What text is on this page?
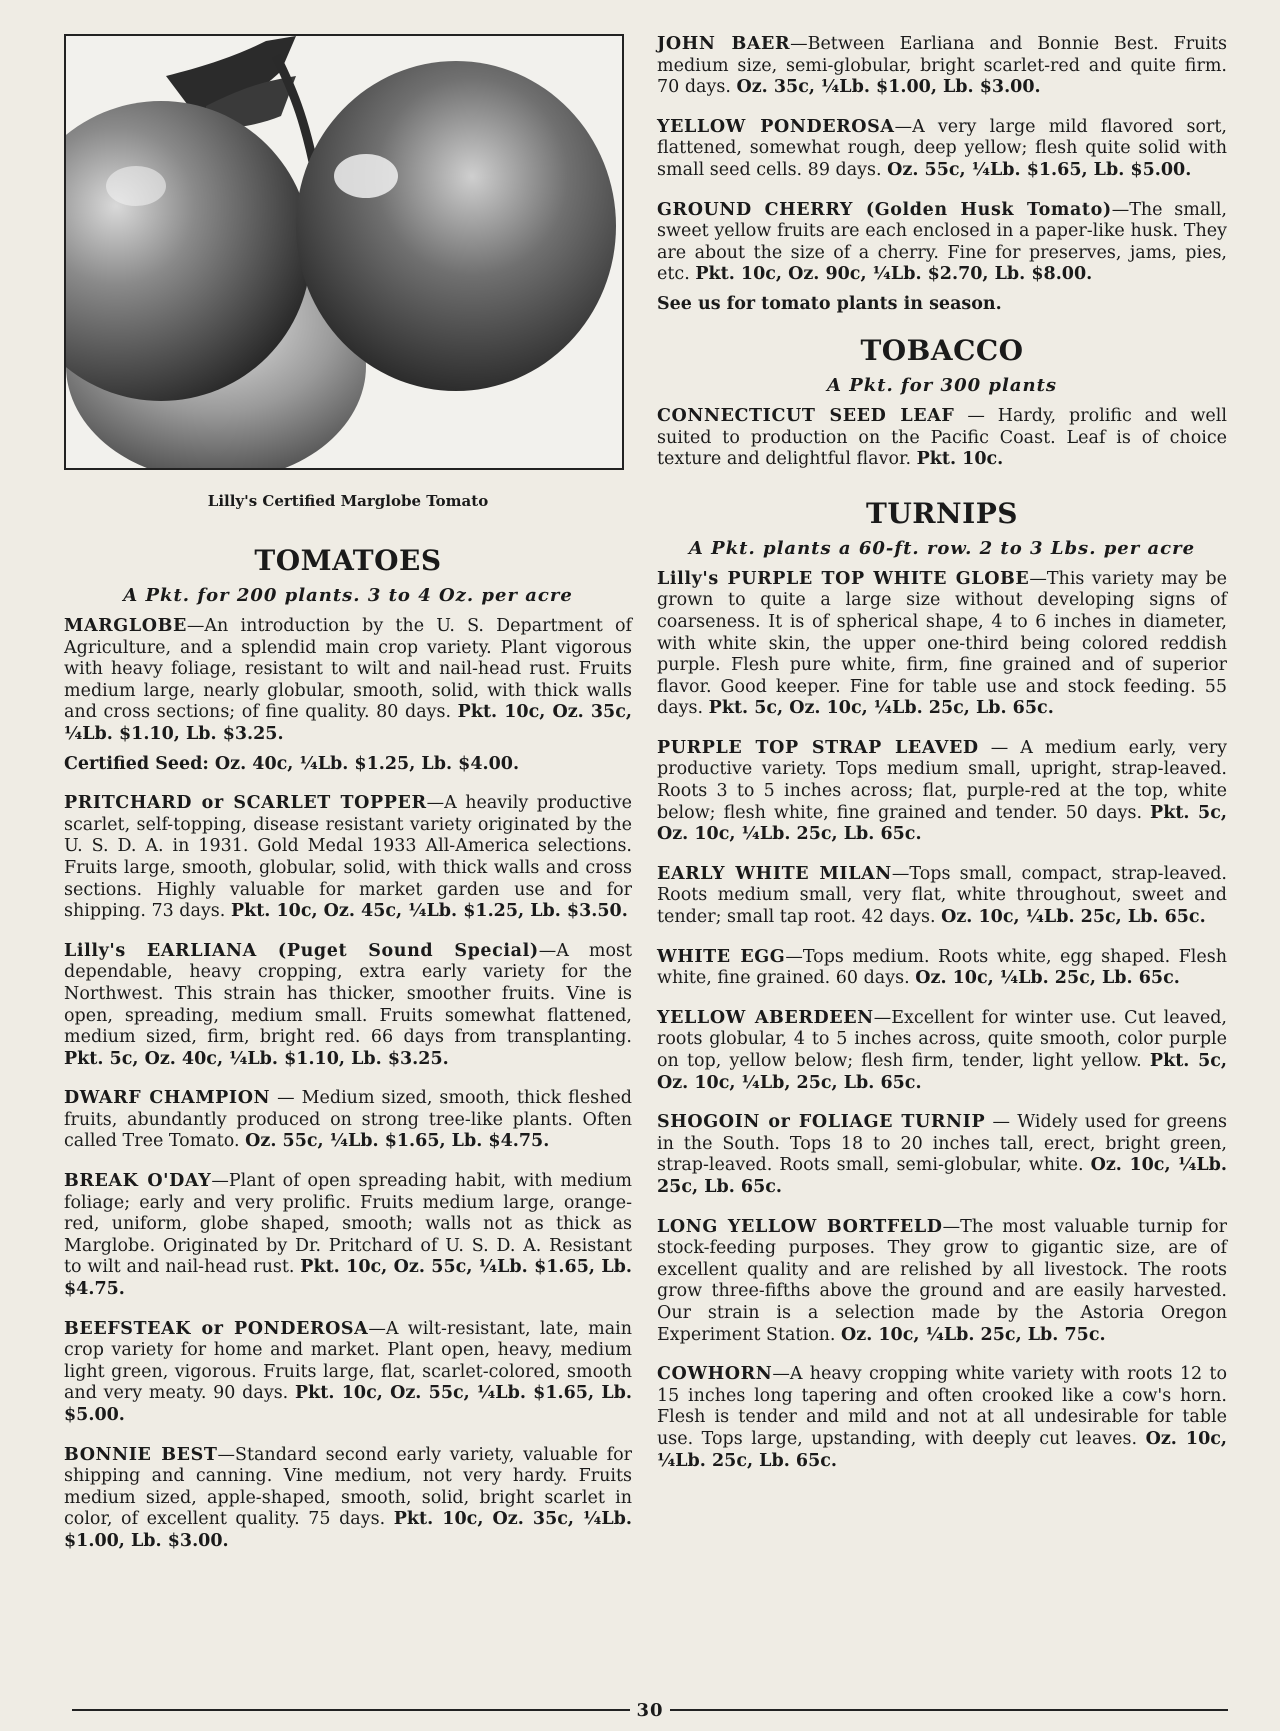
Lilly's Certified Marglobe Tomato
TOMATOES
A Pkt. for 200 plants. 3 to 4 Oz. per acre

MARGLOBE—An introduction by the U. S. Department of Agriculture, and a splendid main crop variety. Plant vigorous with heavy foliage, resistant to wilt and nail-head rust. Fruits medium large, nearly globular, smooth, solid, with thick walls and cross sections; of fine quality. 80 days. Pkt. 10c, Oz. 35c, ¼Lb. $1.10, Lb. $3.25.

Certified Seed: Oz. 40c, ¼Lb. $1.25, Lb. $4.00.

PRITCHARD or SCARLET TOPPER—A heavily productive scarlet, self-topping, disease resistant variety originated by the U. S. D. A. in 1931. Gold Medal 1933 All-America selections. Fruits large, smooth, globular, solid, with thick walls and cross sections. Highly valuable for market garden use and for shipping. 73 days. Pkt. 10c, Oz. 45c, ¼Lb. $1.25, Lb. $3.50.

Lilly's EARLIANA (Puget Sound Special)—A most dependable, heavy cropping, extra early variety for the Northwest. This strain has thicker, smoother fruits. Vine is open, spreading, medium small. Fruits somewhat flattened, medium sized, firm, bright red. 66 days from transplanting. Pkt. 5c, Oz. 40c, ¼Lb. $1.10, Lb. $3.25.

DWARF CHAMPION — Medium sized, smooth, thick fleshed fruits, abundantly produced on strong tree-like plants. Often called Tree Tomato. Oz. 55c, ¼Lb. $1.65, Lb. $4.75.

BREAK O'DAY—Plant of open spreading habit, with medium foliage; early and very prolific. Fruits medium large, orange-red, uniform, globe shaped, smooth; walls not as thick as Marglobe. Originated by Dr. Pritchard of U. S. D. A. Resistant to wilt and nail-head rust. Pkt. 10c, Oz. 55c, ¼Lb. $1.65, Lb. $4.75.

BEEFSTEAK or PONDEROSA—A wilt-resistant, late, main crop variety for home and market. Plant open, heavy, medium light green, vigorous. Fruits large, flat, scarlet-colored, smooth and very meaty. 90 days. Pkt. 10c, Oz. 55c, ¼Lb. $1.65, Lb. $5.00.

BONNIE BEST—Standard second early variety, valuable for shipping and canning. Vine medium, not very hardy. Fruits medium sized, apple-shaped, smooth, solid, bright scarlet in color, of excellent quality. 75 days. Pkt. 10c, Oz. 35c, ¼Lb. $1.00, Lb. $3.00.

JOHN BAER—Between Earliana and Bonnie Best. Fruits medium size, semi-globular, bright scarlet-red and quite firm. 70 days. Oz. 35c, ¼Lb. $1.00, Lb. $3.00.

YELLOW PONDEROSA—A very large mild flavored sort, flattened, somewhat rough, deep yellow; flesh quite solid with small seed cells. 89 days. Oz. 55c, ¼Lb. $1.65, Lb. $5.00.

GROUND CHERRY (Golden Husk Tomato)—The small, sweet yellow fruits are each enclosed in a paper-like husk. They are about the size of a cherry. Fine for preserves, jams, pies, etc. Pkt. 10c, Oz. 90c, ¼Lb. $2.70, Lb. $8.00.

See us for tomato plants in season.

TOBACCO
A Pkt. for 300 plants

CONNECTICUT SEED LEAF — Hardy, prolific and well suited to production on the Pacific Coast. Leaf is of choice texture and delightful flavor. Pkt. 10c.

TURNIPS
A Pkt. plants a 60-ft. row. 2 to 3 Lbs. per acre

Lilly's PURPLE TOP WHITE GLOBE—This variety may be grown to quite a large size without developing signs of coarseness. It is of spherical shape, 4 to 6 inches in diameter, with white skin, the upper one-third being colored reddish purple. Flesh pure white, firm, fine grained and of superior flavor. Good keeper. Fine for table use and stock feeding. 55 days. Pkt. 5c, Oz. 10c, ¼Lb. 25c, Lb. 65c.

PURPLE TOP STRAP LEAVED — A medium early, very productive variety. Tops medium small, upright, strap-leaved. Roots 3 to 5 inches across; flat, purple-red at the top, white below; flesh white, fine grained and tender. 50 days. Pkt. 5c, Oz. 10c, ¼Lb. 25c, Lb. 65c.

EARLY WHITE MILAN—Tops small, compact, strap-leaved. Roots medium small, very flat, white throughout, sweet and tender; small tap root. 42 days. Oz. 10c, ¼Lb. 25c, Lb. 65c.

WHITE EGG—Tops medium. Roots white, egg shaped. Flesh white, fine grained. 60 days. Oz. 10c, ¼Lb. 25c, Lb. 65c.

YELLOW ABERDEEN—Excellent for winter use. Cut leaved, roots globular, 4 to 5 inches across, quite smooth, color purple on top, yellow below; flesh firm, tender, light yellow. Pkt. 5c, Oz. 10c, ¼Lb, 25c, Lb. 65c.

SHOGOIN or FOLIAGE TURNIP — Widely used for greens in the South. Tops 18 to 20 inches tall, erect, bright green, strap-leaved. Roots small, semi-globular, white. Oz. 10c, ¼Lb. 25c, Lb. 65c.

LONG YELLOW BORTFELD—The most valuable turnip for stock-feeding purposes. They grow to gigantic size, are of excellent quality and are relished by all livestock. The roots grow three-fifths above the ground and are easily harvested. Our strain is a selection made by the Astoria Oregon Experiment Station. Oz. 10c, ¼Lb. 25c, Lb. 75c.

COWHORN—A heavy cropping white variety with roots 12 to 15 inches long tapering and often crooked like a cow's horn. Flesh is tender and mild and not at all undesirable for table use. Tops large, upstanding, with deeply cut leaves. Oz. 10c, ¼Lb. 25c, Lb. 65c.

30
